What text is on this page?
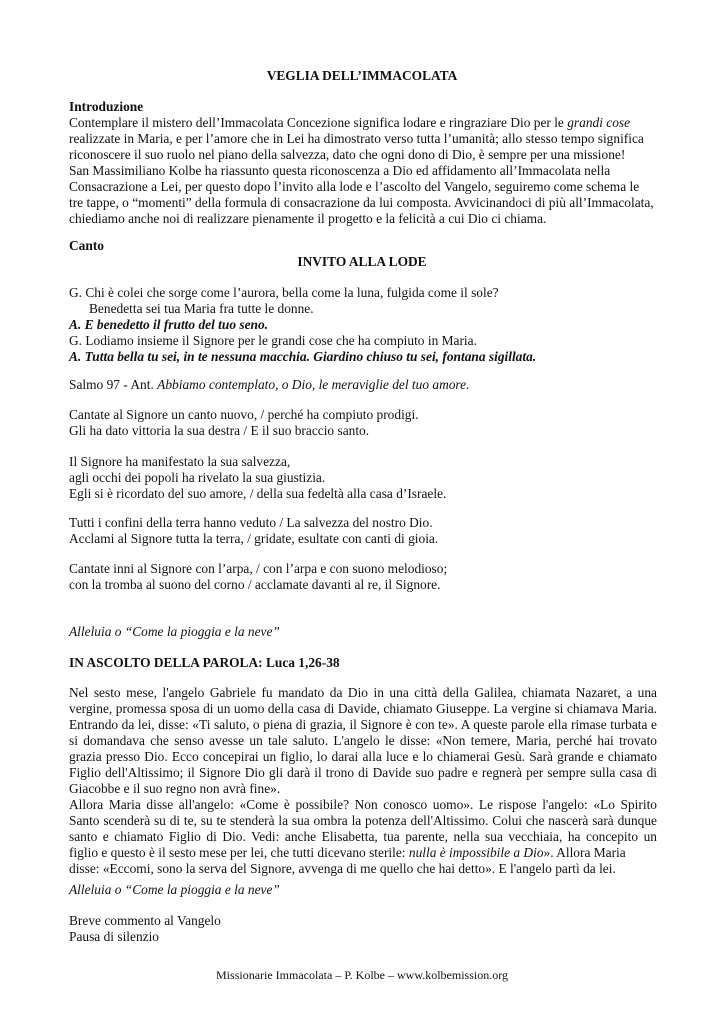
VEGLIA DELL’IMMACOLATA
Introduzione
Contemplare il mistero dell’Immacolata Concezione significa lodare e ringraziare Dio per le grandi cose
realizzate in Maria, e per l’amore che in Lei ha dimostrato verso tutta l’umanità; allo stesso tempo significa
riconoscere il suo ruolo nel piano della salvezza, dato che ogni dono di Dio, è sempre per una missione!
San Massimiliano Kolbe ha riassunto questa riconoscenza a Dio ed affidamento all’Immacolata nella
Consacrazione a Lei, per questo dopo l’invito alla lode e l’ascolto del Vangelo, seguiremo come schema le
tre tappe, o “momenti” della formula di consacrazione da lui composta. Avvicinandoci di più all’Immacolata,
chiediamo anche noi di realizzare pienamente il progetto e la felicità a cui Dio ci chiama.
Canto
INVITO ALLA LODE
G. Chi è colei che sorge come l’aurora, bella come la luna, fulgida come il sole?
Benedetta sei tua Maria fra tutte le donne.
A. E benedetto il frutto del tuo seno.
G. Lodiamo insieme il Signore per le grandi cose che ha compiuto in Maria.
A. Tutta bella tu sei, in te nessuna macchia. Giardino chiuso tu sei, fontana sigillata.
Salmo 97 - Ant. Abbiamo contemplato, o Dio, le meraviglie del tuo amore.
Cantate al Signore un canto nuovo, / perché ha compiuto prodigi.
Gli ha dato vittoria la sua destra / E il suo braccio santo.
Il Signore ha manifestato la sua salvezza,
agli occhi dei popoli ha rivelato la sua giustizia.
Egli si è ricordato del suo amore, / della sua fedeltà alla casa d’Israele.
Tutti i confini della terra hanno veduto / La salvezza del nostro Dio.
Acclami al Signore tutta la terra, / gridate, esultate con canti di gioia.
Cantate inni al Signore con l’arpa, / con l’arpa e con suono melodioso;
con la tromba al suono del corno / acclamate davanti al re, il Signore.
Alleluia o “Come la pioggia e la neve”
IN ASCOLTO DELLA PAROLA: Luca 1,26-38

Nel sesto mese, l'angelo Gabriele fu mandato da Dio in una città della Galilea, chiamata Nazaret, a una

vergine, promessa sposa di un uomo della casa di Davide, chiamato Giuseppe. La vergine si chiamava Maria.

Entrando da lei, disse: «Ti saluto, o piena di grazia, il Signore è con te». A queste parole ella rimase turbata e

si domandava che senso avesse un tale saluto. L'angelo le disse: «Non temere, Maria, perché hai trovato

grazia presso Dio. Ecco concepirai un figlio, lo darai alla luce e lo chiamerai Gesù. Sarà grande e chiamato

Figlio dell'Altissimo; il Signore Dio gli darà il trono di Davide suo padre e regnerà per sempre sulla casa di

Giacobbe e il suo regno non avrà fine».

Allora Maria disse all'angelo: «Come è possibile? Non conosco uomo». Le rispose l'angelo: «Lo Spirito

Santo scenderà su di te, su te stenderà la sua ombra la potenza dell'Altissimo. Colui che nascerà sarà dunque

santo e chiamato Figlio di Dio. Vedi: anche Elisabetta, tua parente, nella sua vecchiaia, ha concepito un

figlio e questo è il sesto mese per lei, che tutti dicevano sterile: nulla è impossibile a Dio». Allora Maria

disse: «Eccomi, sono la serva del Signore, avvenga di me quello che hai detto». E l'angelo partì da lei.

Alleluia o “Come la pioggia e la neve”
Breve commento al Vangelo
Pausa di silenzio
Missionarie Immacolata – P. Kolbe – www.kolbemission.org
